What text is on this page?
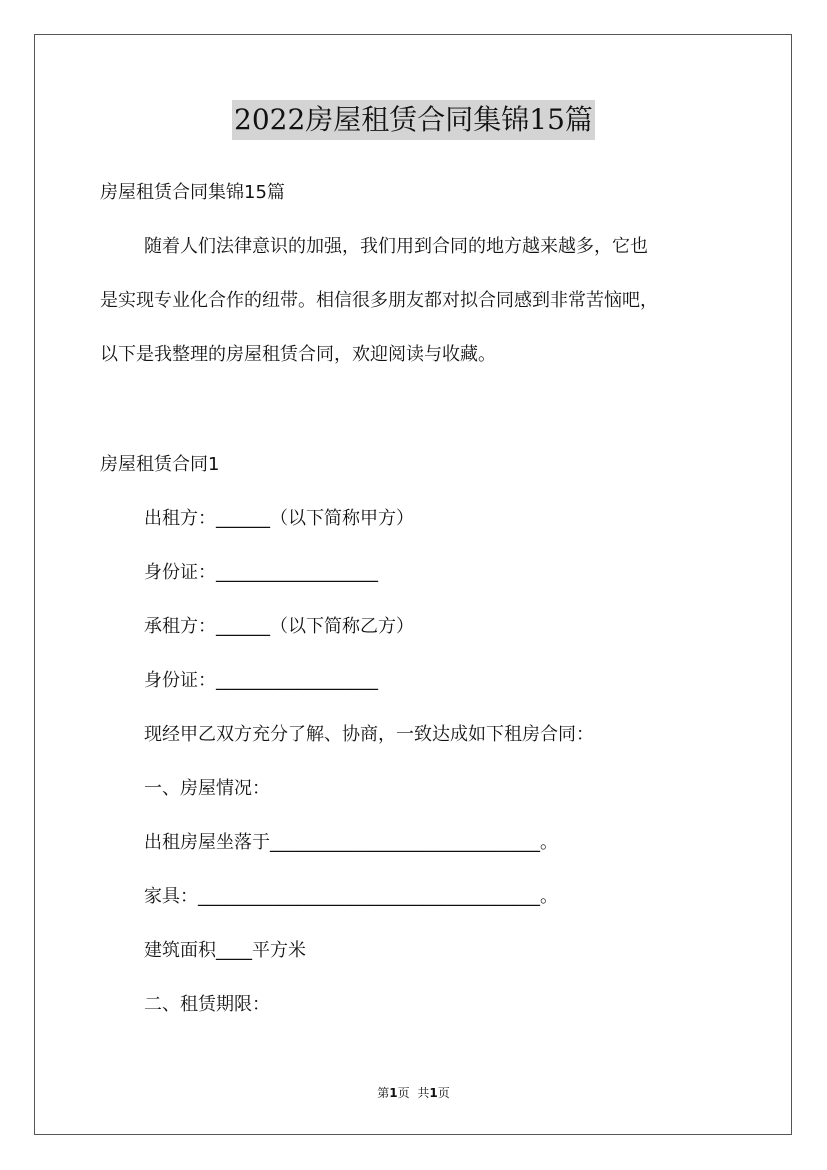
2022房屋租赁合同集锦15篇
房屋租赁合同集锦15篇
随着人们法律意识的加强，我们用到合同的地方越来越多，它也
是实现专业化合作的纽带。相信很多朋友都对拟合同感到非常苦恼吧，
以下是我整理的房屋租赁合同，欢迎阅读与收藏。
房屋租赁合同1
出租方：______（以下简称甲方）
身份证：__________________
承租方：______（以下简称乙方）
身份证：__________________
现经甲乙双方充分了解、协商，一致达成如下租房合同：
一、房屋情况：
出租房屋坐落于______________________________。
家具：______________________________________。
建筑面积____平方米
二、租赁期限：
第1页 共1页
